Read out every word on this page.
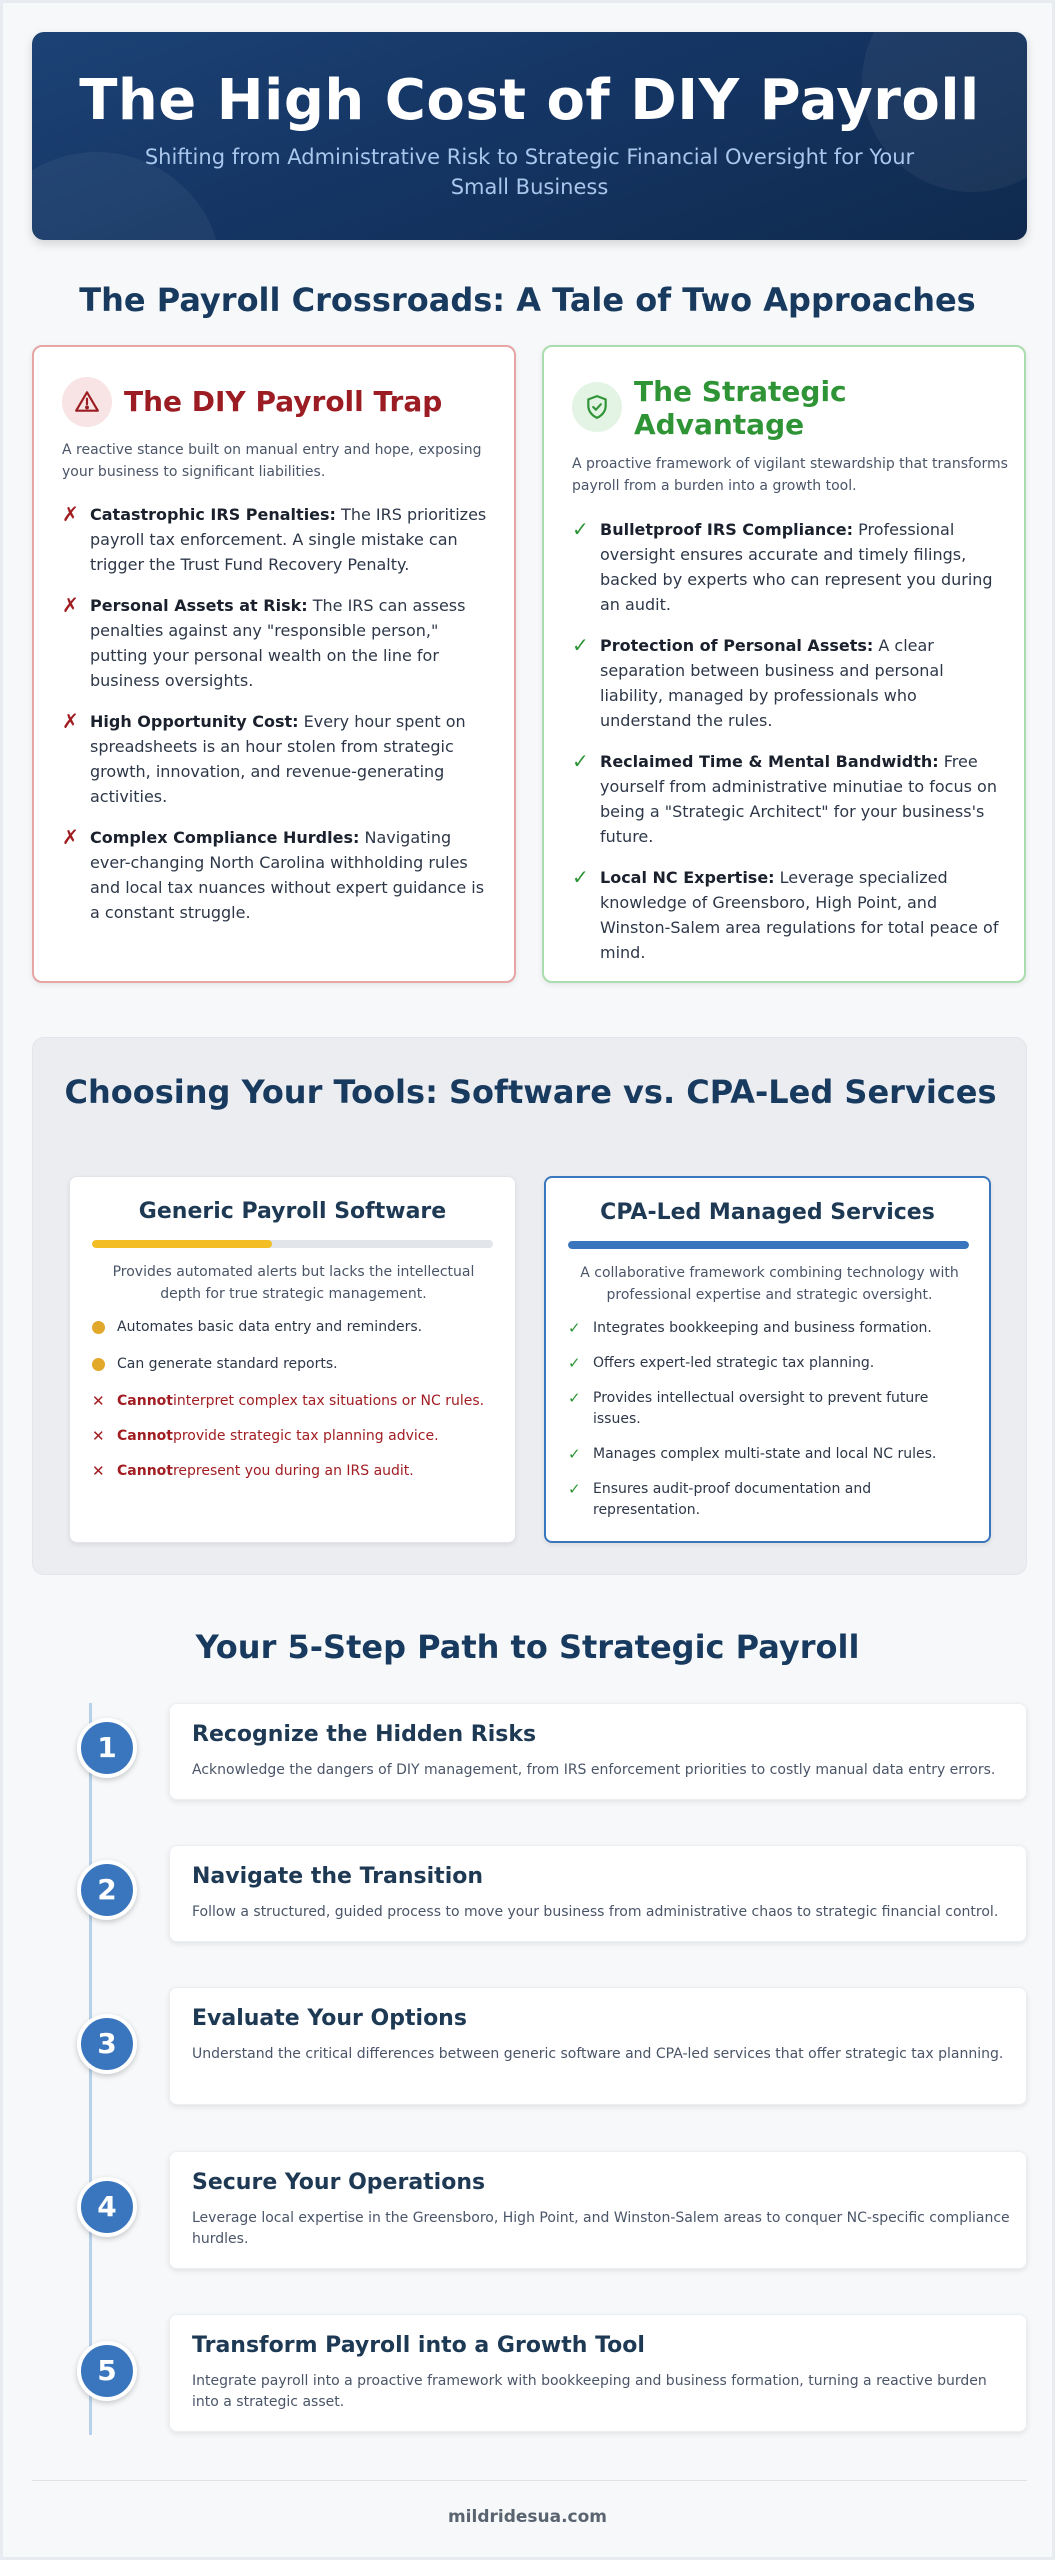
The High Cost of DIY Payroll
Shifting from Administrative Risk to Strategic Financial Oversight for Your Small Business
The Payroll Crossroads: A Tale of Two Approaches
The DIY Payroll Trap
A reactive stance built on manual entry and hope, exposing your business to significant liabilities.
✗ Catastrophic IRS Penalties: The IRS prioritizes payroll tax enforcement. A single mistake can trigger the Trust Fund Recovery Penalty.
✗ Personal Assets at Risk: The IRS can assess penalties against any "responsible person," putting your personal wealth on the line for business oversights.
✗ High Opportunity Cost: Every hour spent on spreadsheets is an hour stolen from strategic growth, innovation, and revenue-generating activities.
✗ Complex Compliance Hurdles: Navigating ever-changing North Carolina withholding rules and local tax nuances without expert guidance is a constant struggle.
The Strategic Advantage
A proactive framework of vigilant stewardship that transforms payroll from a burden into a growth tool.
✓ Bulletproof IRS Compliance: Professional oversight ensures accurate and timely filings, backed by experts who can represent you during an audit.
✓ Protection of Personal Assets: A clear separation between business and personal liability, managed by professionals who understand the rules.
✓ Reclaimed Time & Mental Bandwidth: Free yourself from administrative minutiae to focus on being a "Strategic Architect" for your business's future.
✓ Local NC Expertise: Leverage specialized knowledge of Greensboro, High Point, and Winston-Salem area regulations for total peace of mind.
Choosing Your Tools: Software vs. CPA-Led Services
Generic Payroll Software
Provides automated alerts but lacks the intellectual depth for true strategic management.
Automates basic data entry and reminders.
Can generate standard reports.
✕ Cannotinterpret complex tax situations or NC rules.
✕ Cannotprovide strategic tax planning advice.
✕ Cannotrepresent you during an IRS audit.
CPA-Led Managed Services
A collaborative framework combining technology with professional expertise and strategic oversight.
✓ Integrates bookkeeping and business formation.
✓ Offers expert-led strategic tax planning.
✓ Provides intellectual oversight to prevent future issues.
✓ Manages complex multi-state and local NC rules.
✓ Ensures audit-proof documentation and representation.
Your 5-Step Path to Strategic Payroll
1	Recognize the Hidden Risks

Acknowledge the dangers of DIY management, from IRS enforcement priorities to costly manual data entry errors.

2	Navigate the Transition

Follow a structured, guided process to move your business from administrative chaos to strategic financial control.

3
Evaluate Your Options

Understand the critical differences between generic software and CPA-led services that offer strategic tax planning.

4
Secure Your Operations

Leverage local expertise in the Greensboro, High Point, and Winston-Salem areas to conquer NC-specific compliance hurdles.

5
Transform Payroll into a Growth Tool

Integrate payroll into a proactive framework with bookkeeping and business formation, turning a reactive burden into a strategic asset.

mildridesua.com
